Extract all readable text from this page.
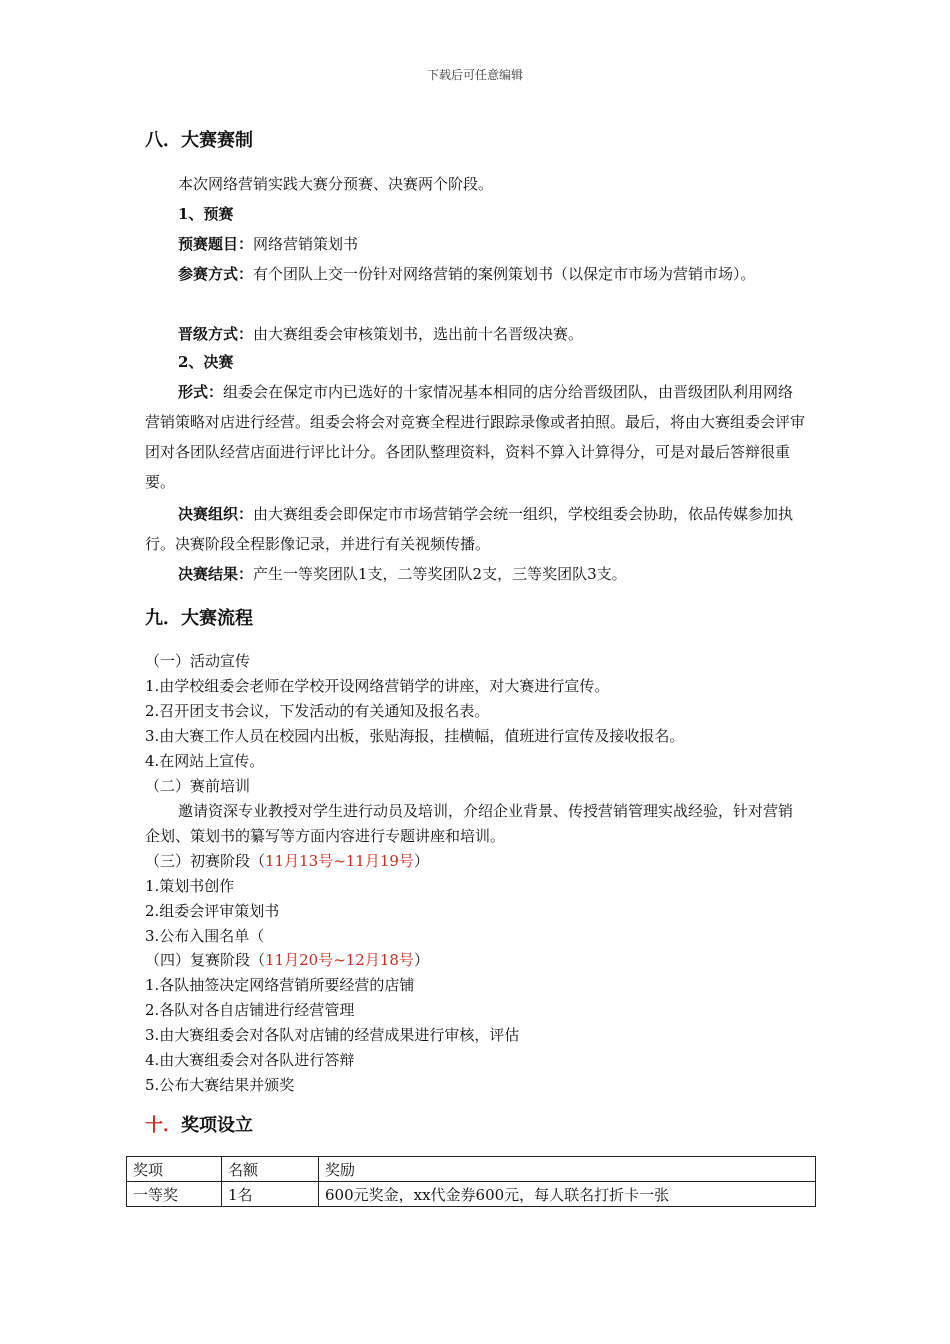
下载后可任意编辑
八．大赛赛制
本次网络营销实践大赛分预赛、决赛两个阶段。
1、预赛
预赛题目：网络营销策划书
参赛方式：有个团队上交一份针对网络营销的案例策划书（以保定市市场为营销市场）。
晋级方式：由大赛组委会审核策划书，选出前十名晋级决赛。
2、决赛
形式：组委会在保定市内已选好的十家情况基本相同的店分给晋级团队，由晋级团队利用网络营销策略对店进行经营。组委会将会对竞赛全程进行跟踪录像或者拍照。最后，将由大赛组委会评审团对各团队经营店面进行评比计分。各团队整理资料，资料不算入计算得分，可是对最后答辩很重要。
决赛组织：由大赛组委会即保定市市场营销学会统一组织，学校组委会协助，依品传媒参加执行。决赛阶段全程影像记录，并进行有关视频传播。
决赛结果：产生一等奖团队1支，二等奖团队2支，三等奖团队3支。
九．大赛流程
（一）活动宣传
1.由学校组委会老师在学校开设网络营销学的讲座，对大赛进行宣传。
2.召开团支书会议，下发活动的有关通知及报名表。
3.由大赛工作人员在校园内出板，张贴海报，挂横幅，值班进行宣传及接收报名。
4.在网站上宣传。
（二）赛前培训
邀请资深专业教授对学生进行动员及培训，介绍企业背景、传授营销管理实战经验，针对营销企划、策划书的纂写等方面内容进行专题讲座和培训。
（三）初赛阶段（11月13号~11月19号）
1.策划书创作
2.组委会评审策划书
3.公布入围名单（
（四）复赛阶段（11月20号~12月18号）
1.各队抽签决定网络营销所要经营的店铺
2.各队对各自店铺进行经营管理
3.由大赛组委会对各队对店铺的经营成果进行审核，评估
4.由大赛组委会对各队进行答辩
5.公布大赛结果并颁奖
十．奖项设立
奖项	名额	奖励
一等奖	1名	600元奖金，xx代金券600元，每人联名打折卡一张
